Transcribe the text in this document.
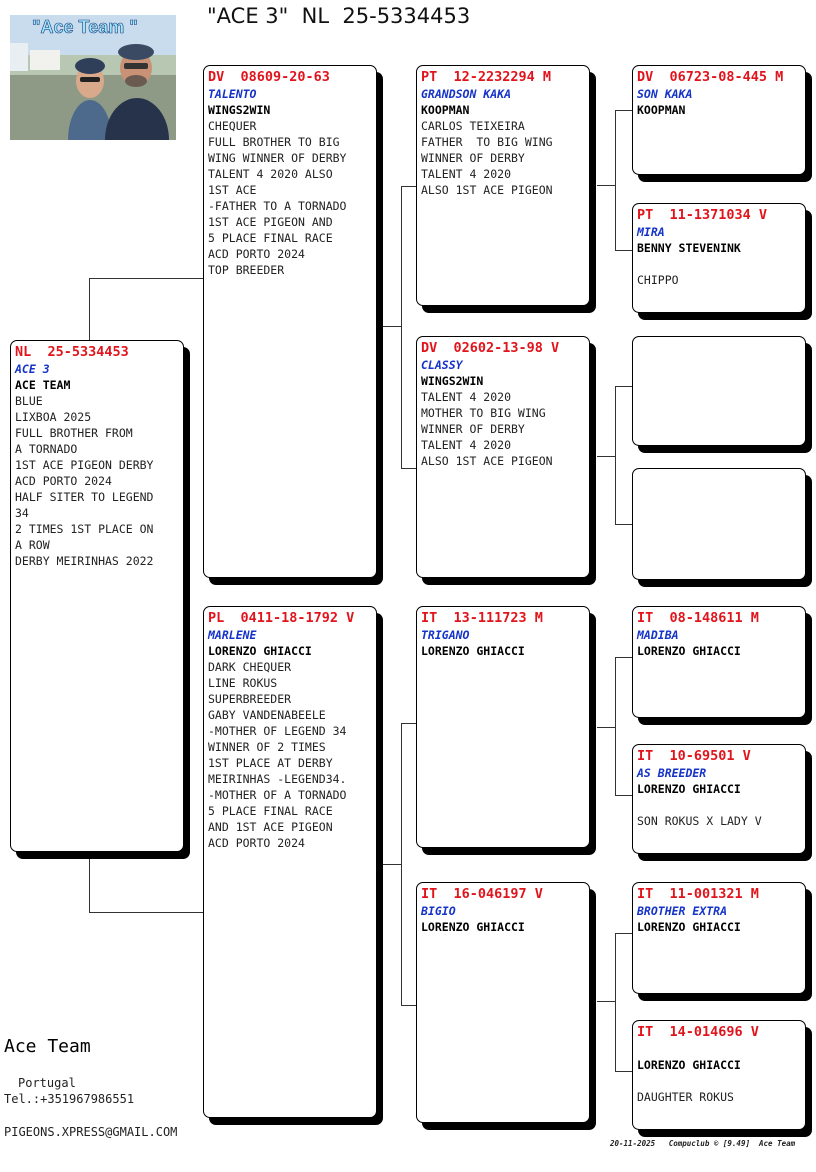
"ACE 3"  NL  25-5334453
"Ace Team "
NL  25-5334453
ACE 3
ACE TEAM
BLUE
LIXBOA 2025
FULL BROTHER FROM
A TORNADO
1ST ACE PIGEON DERBY
ACD PORTO 2024
HALF SITER TO LEGEND
34
2 TIMES 1ST PLACE ON
A ROW
DERBY MEIRINHAS 2022
DV  08609-20-63
TALENTO
WINGS2WIN
CHEQUER
FULL BROTHER TO BIG
WING WINNER OF DERBY
TALENT 4 2020 ALSO
1ST ACE
-FATHER TO A TORNADO
1ST ACE PIGEON AND
5 PLACE FINAL RACE
ACD PORTO 2024
TOP BREEDER
PL  0411-18-1792 V
MARLENE
LORENZO GHIACCI
DARK CHEQUER
LINE ROKUS
SUPERBREEDER
GABY VANDENABEELE
-MOTHER OF LEGEND 34
WINNER OF 2 TIMES
1ST PLACE AT DERBY
MEIRINHAS -LEGEND34.
-MOTHER OF A TORNADO
5 PLACE FINAL RACE
AND 1ST ACE PIGEON
ACD PORTO 2024
PT  12-2232294 M
GRANDSON KAKA
KOOPMAN
CARLOS TEIXEIRA
FATHER  TO BIG WING
WINNER OF DERBY
TALENT 4 2020
ALSO 1ST ACE PIGEON
DV  02602-13-98 V
CLASSY
WINGS2WIN
TALENT 4 2020
MOTHER TO BIG WING
WINNER OF DERBY
TALENT 4 2020
ALSO 1ST ACE PIGEON
IT  13-111723 M
TRIGANO
LORENZO GHIACCI
IT  16-046197 V
BIGIO
LORENZO GHIACCI
DV  06723-08-445 M
SON KAKA
KOOPMAN
PT  11-1371034 V
MIRA
BENNY STEVENINK

CHIPPO
IT  08-148611 M
MADIBA
LORENZO GHIACCI
IT  10-69501 V
AS BREEDER
LORENZO GHIACCI

SON ROKUS X LADY V
IT  11-001321 M
BROTHER EXTRA
LORENZO GHIACCI
IT  14-014696 V

LORENZO GHIACCI

DAUGHTER ROKUS
Ace Team
Portugal
Tel.:+351967986551
PIGEONS.XPRESS@GMAIL.COM
20-11-2025   Compuclub © [9.49]  Ace Team
